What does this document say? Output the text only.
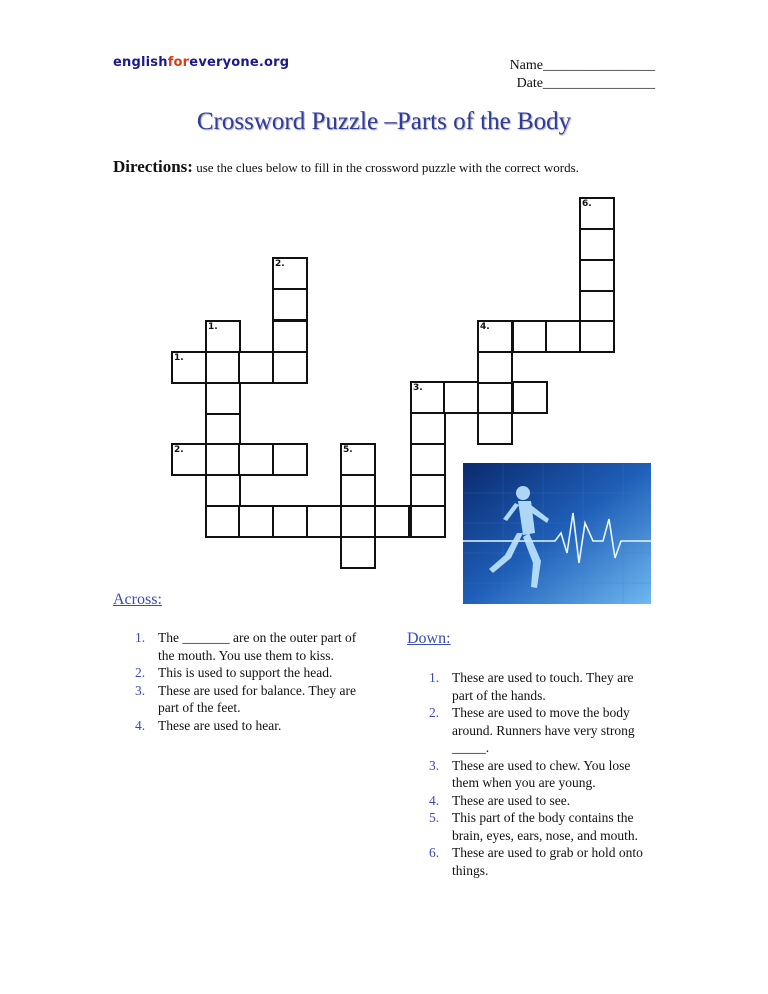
englishforeveryone.org	Name________________
Date________________
Crossword Puzzle –Parts of the Body
Directions: use the clues below to fill in the crossword puzzle with the correct words.
6.
2.
1.
1.
2.	5.
3.
4.
Across:
1. The _______ are on the outer part of the mouth. You use them to kiss.
2. This is used to support the head.
3. These are used for balance. They are part of the feet.
4. These are used to hear.
Down:
1. These are used to touch. They are part of the hands.
2. These are used to move the body around. Runners have very strong _____.
3. These are used to chew. You lose them when you are young.
4. These are used to see.
5. This part of the body contains the brain, eyes, ears, nose, and mouth.
6. These are used to grab or hold onto things.
